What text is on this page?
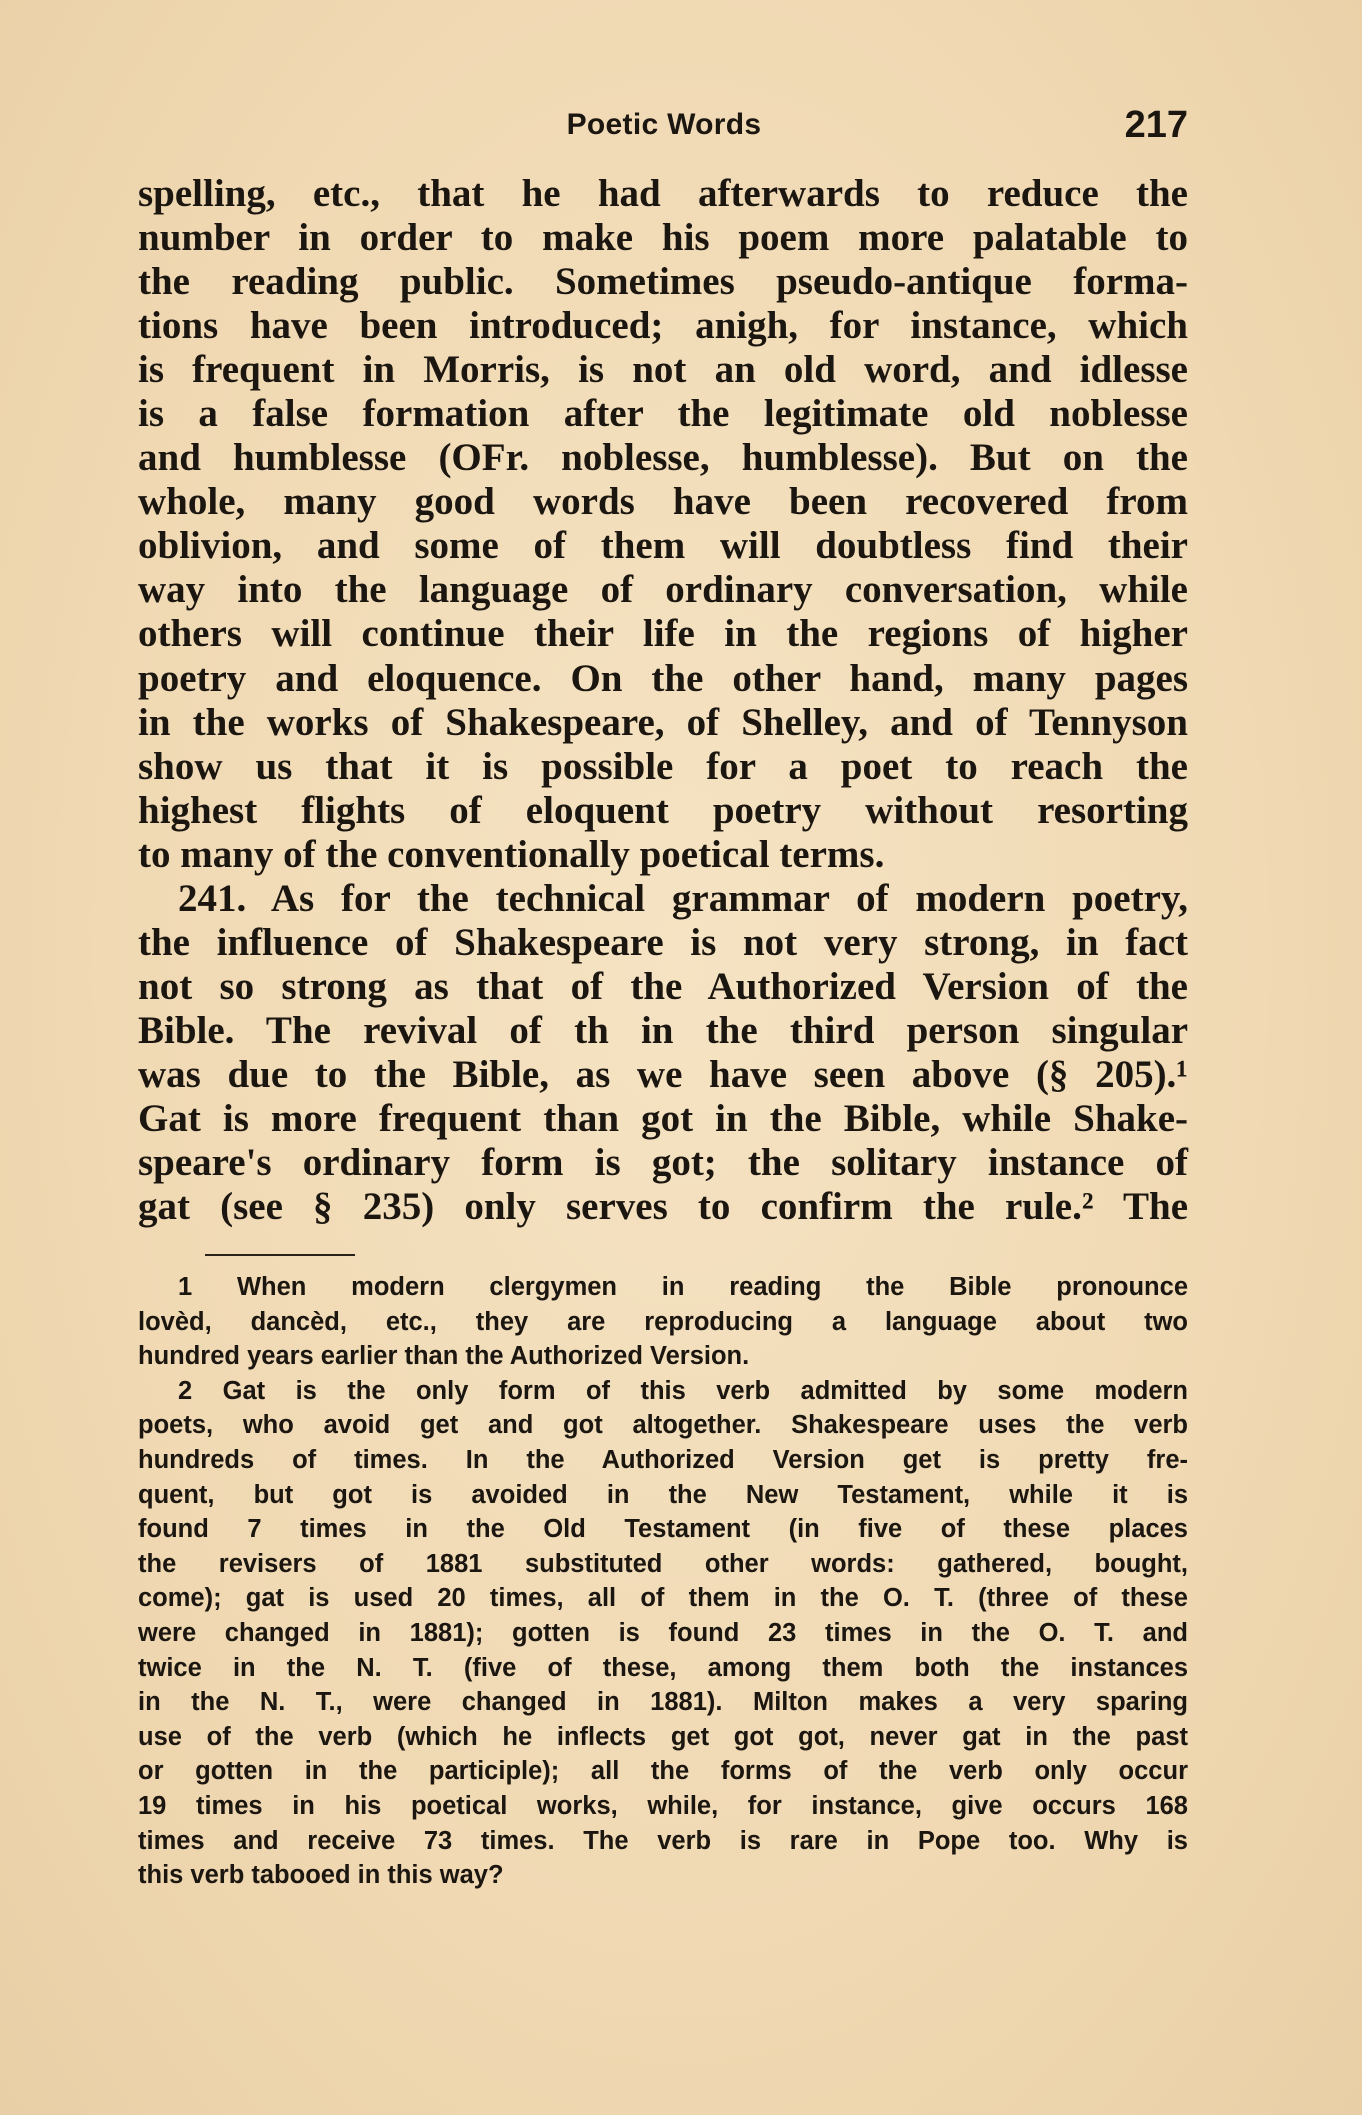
Poetic Words	217
spelling, etc., that he had afterwards to reduce the
number in order to make his poem more palatable to
the reading public. Sometimes pseudo-antique forma-
tions have been introduced; anigh, for instance, which
is frequent in Morris, is not an old word, and idlesse
is a false formation after the legitimate old noblesse
and humblesse (OFr. noblesse, humblesse). But on the
whole, many good words have been recovered from
oblivion, and some of them will doubtless find their
way into the language of ordinary conversation, while
others will continue their life in the regions of higher
poetry and eloquence. On the other hand, many pages
in the works of Shakespeare, of Shelley, and of Tennyson
show us that it is possible for a poet to reach the
highest flights of eloquent poetry without resorting
to many of the conventionally poetical terms.
241. As for the technical grammar of modern poetry,
the influence of Shakespeare is not very strong, in fact
not so strong as that of the Authorized Version of the
Bible. The revival of th in the third person singular
was due to the Bible, as we have seen above (§ 205).¹
Gat is more frequent than got in the Bible, while Shake-
speare's ordinary form is got; the solitary instance of
gat (see § 235) only serves to confirm the rule.² The
1 When modern clergymen in reading the Bible pronounce
lovèd, dancèd, etc., they are reproducing a language about two
hundred years earlier than the Authorized Version.
2 Gat is the only form of this verb admitted by some modern
poets, who avoid get and got altogether. Shakespeare uses the verb
hundreds of times. In the Authorized Version get is pretty fre-
quent, but got is avoided in the New Testament, while it is
found 7 times in the Old Testament (in five of these places
the revisers of 1881 substituted other words: gathered, bought,
come); gat is used 20 times, all of them in the O. T. (three of these
were changed in 1881); gotten is found 23 times in the O. T. and
twice in the N. T. (five of these, among them both the instances
in the N. T., were changed in 1881). Milton makes a very sparing
use of the verb (which he inflects get got got, never gat in the past
or gotten in the participle); all the forms of the verb only occur
19 times in his poetical works, while, for instance, give occurs 168
times and receive 73 times. The verb is rare in Pope too. Why is
this verb tabooed in this way?
